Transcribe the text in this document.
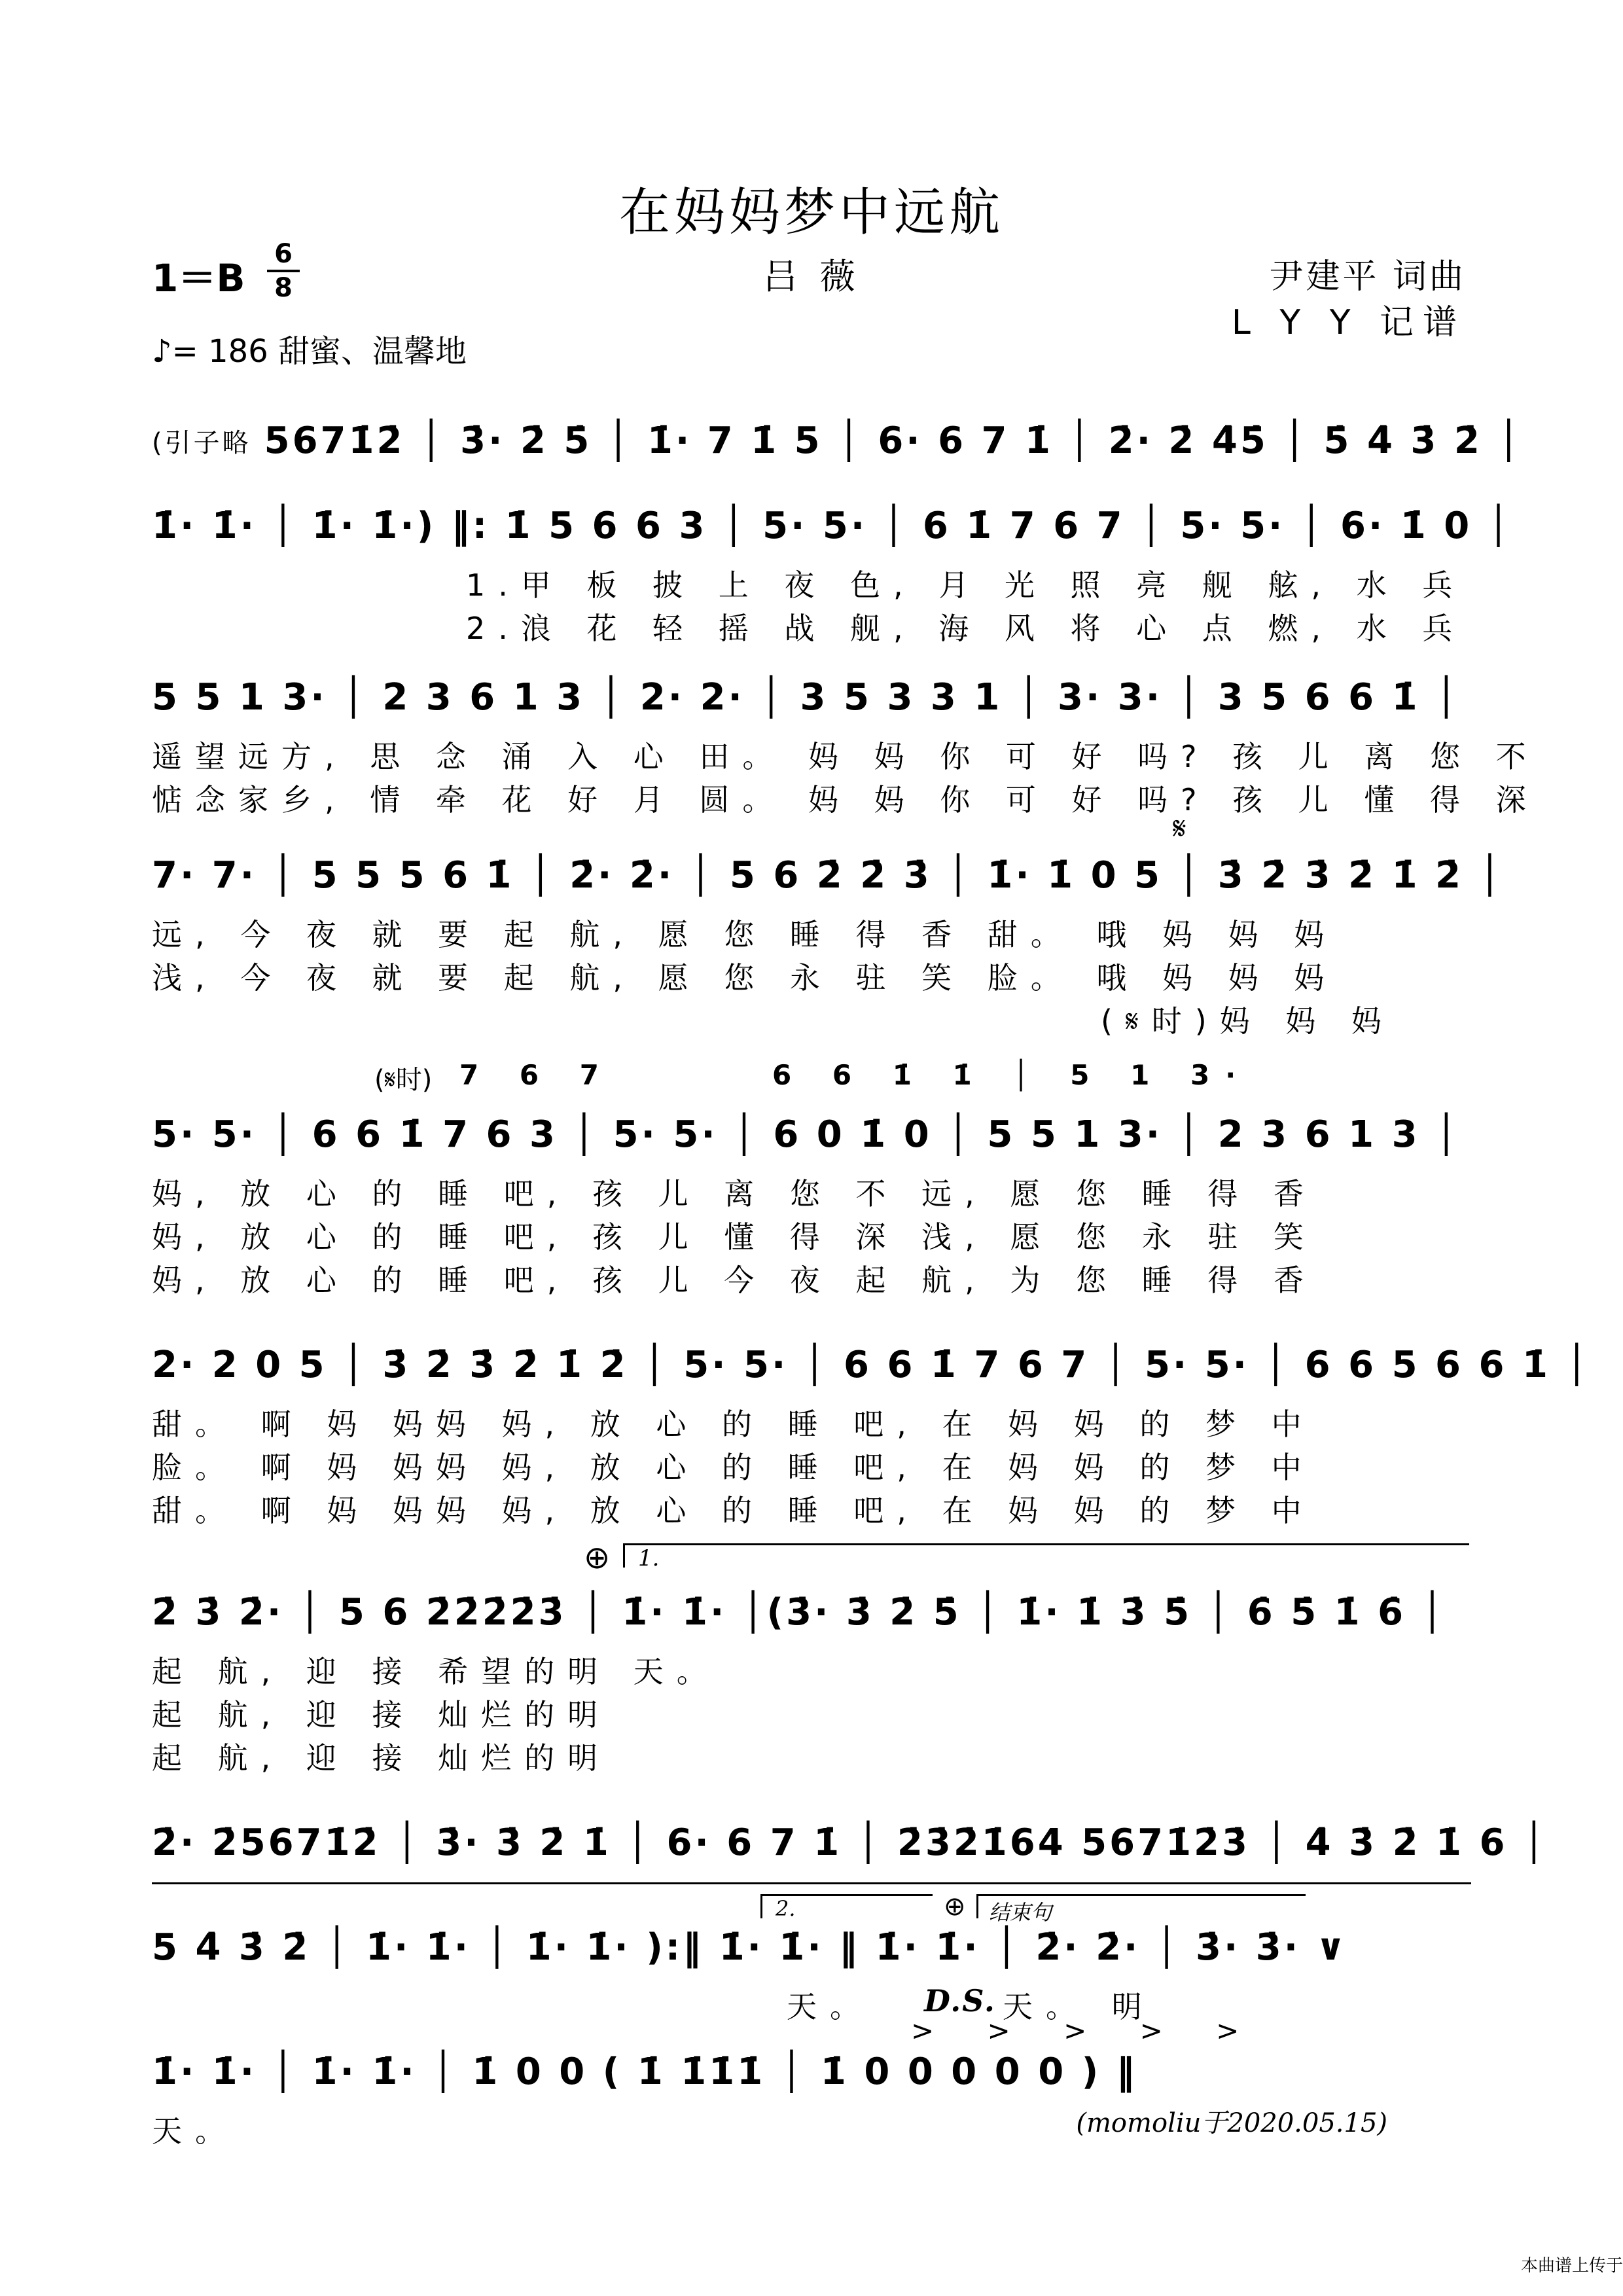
在妈妈梦中远航
1＝B
6
8	吕 薇	尹建平 词曲
L Y Y 记谱
♪= 186 甜蜜、温馨地
(引子略 5671̇2̇ │ 3̇· 2̇ 5̇ │ 1̇· 7 1̇ 5 │ 6· 6 7 1̇ │ 2̇· 2̇ 4̇5̇ │ 5̇ 4̇ 3̇ 2̇ │
1̇· 1̇· │ 1̇· 1̇·) ‖: 1̇ 5 6 6 3 │ 5· 5· │ 6 1̇ 7 6 7 │ 5· 5· │ 6· 1̇ 0 │
1.甲 板 披 上 夜 色, 月 光 照 亮 舰 舷, 水 兵
2.浪 花 轻 摇 战 舰, 海 风 将 心 点 燃, 水 兵
5 5 1 3· │ 2 3 6 1 3 │ 2· 2· │ 3 5 3 3 1 │ 3· 3· │ 3 5 6 6 1̇ │
遥望远方, 思 念 涌 入 心 田。 妈 妈 你 可 好 吗? 孩 儿 离 您 不
惦念家乡, 情 牵 花 好 月 圆。 妈 妈 你 可 好 吗? 孩 儿 懂 得 深
𝄋
7· 7· │ 5 5 5 6 1̇ │ 2̇· 2̇· │ 5 6 2̇ 2̇ 3̇ │ 1̇· 1̇ 0 5 │ 3̇ 2̇ 3̇ 2̇ 1̇ 2̇ │
远, 今 夜 就 要 起 航, 愿 您 睡 得 香 甜。 哦 妈 妈 妈
浅, 今 夜 就 要 起 航, 愿 您 永 驻 笑 脸。 哦 妈 妈 妈
(𝄋时)妈 妈 妈
(𝄋时) 7 6 7	6 6 1̇ 1̇ │ 5 1 3·
5· 5· │ 6 6 1̇ 7 6 3 │ 5· 5· │ 6 0 1̇ 0 │ 5 5 1 3· │ 2 3 6 1 3 │
妈, 放 心 的 睡 吧, 孩 儿 离 您 不 远, 愿 您 睡 得 香
妈, 放 心 的 睡 吧, 孩 儿 懂 得 深 浅, 愿 您 永 驻 笑
妈, 放 心 的 睡 吧, 孩 儿 今 夜 起 航, 为 您 睡 得 香
2· 2 0 5 │ 3̇ 2̇ 3̇ 2̇ 1̇ 2̇ │ 5· 5· │ 6 6 1̇ 7 6 7 │ 5· 5· │ 6 6 5 6 6 1̇ │
甜。 啊 妈 妈妈 妈, 放 心 的 睡 吧, 在 妈 妈 的 梦 中
脸。 啊 妈 妈妈 妈, 放 心 的 睡 吧, 在 妈 妈 的 梦 中
甜。 啊 妈 妈妈 妈, 放 心 的 睡 吧, 在 妈 妈 的 梦 中
⊕	1.
2̇ 3̇ 2̇· │ 5 6 2̇2̇2̇2̇3̇ │ 1̇· 1̇· │(3̇· 3̇ 2̇ 5̇ │ 1̇· 1̇ 3̇ 5̇ │ 6̇ 5̇ 1̇ 6̇ │
起 航, 迎 接 希望的明 天。
起 航, 迎 接 灿烂的明
起 航, 迎 接 灿烂的明
2̇· 2̇5671̇2̇ │ 3̇· 3̇ 2̇ 1̇ │ 6· 6 7 1̇ │ 2̇3̇2̇1̇64 5671̇2̇3̇ │ 4̇ 3̇ 2̇ 1̇ 6 │
2.	⊕	结束句
5 4̇ 3̇ 2̇ │ 1̇· 1̇· │ 1̇· 1̇· ):‖ 1̇· 1̇· ‖ 1̇· 1̇· │ 2̇· 2̇· │ 3̇· 3̇· ∨
天。 D.S. 天。 明
> > > > >
1̇· 1̇· │ 1̇· 1̇· │ 1̇ 0 0 ( 1̇ 1̇1̇1̇ │ 1̇ 0 0 0 0 0 ) ‖
天。	(momoliu于2020.05.15)
本曲谱上传于
